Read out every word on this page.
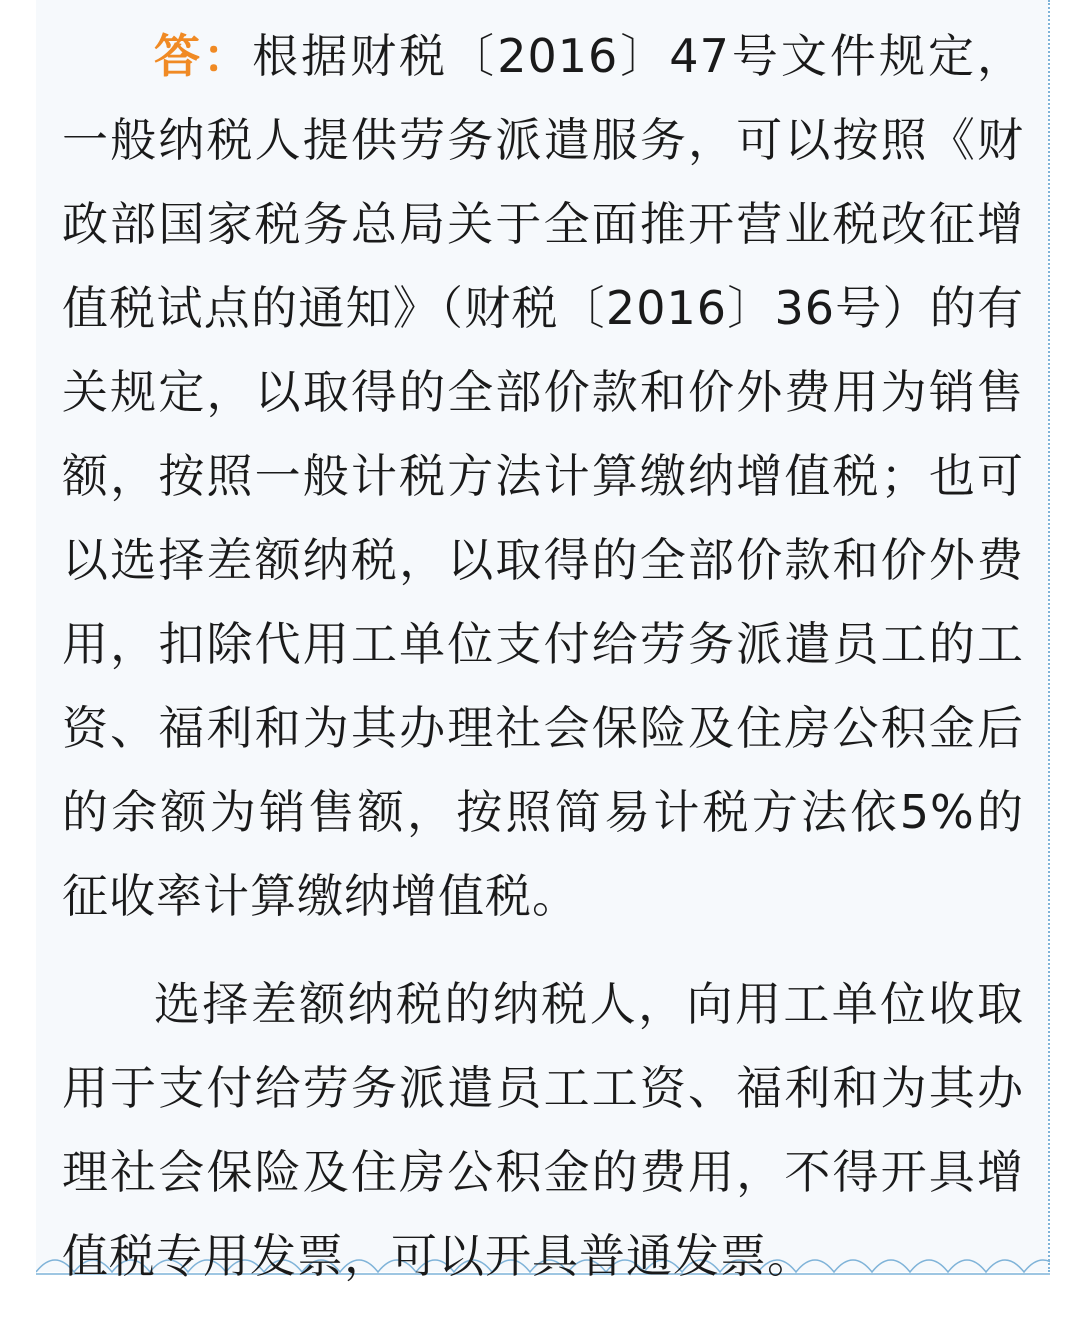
答：根据财税〔2016〕47号文件规定，一般纳税人提供劳务派遣服务，可以按照《财政部国家税务总局关于全面推开营业税改征增值税试点的通知》（财税〔2016〕36号）的有关规定，以取得的全部价款和价外费用为销售额，按照一般计税方法计算缴纳增值税；也可以选择差额纳税，以取得的全部价款和价外费用，扣除代用工单位支付给劳务派遣员工的工资、福利和为其办理社会保险及住房公积金后的余额为销售额，按照简易计税方法依5%的征收率计算缴纳增值税。

选择差额纳税的纳税人，向用工单位收取用于支付给劳务派遣员工工资、福利和为其办理社会保险及住房公积金的费用，不得开具增值税专用发票，可以开具普通发票。
